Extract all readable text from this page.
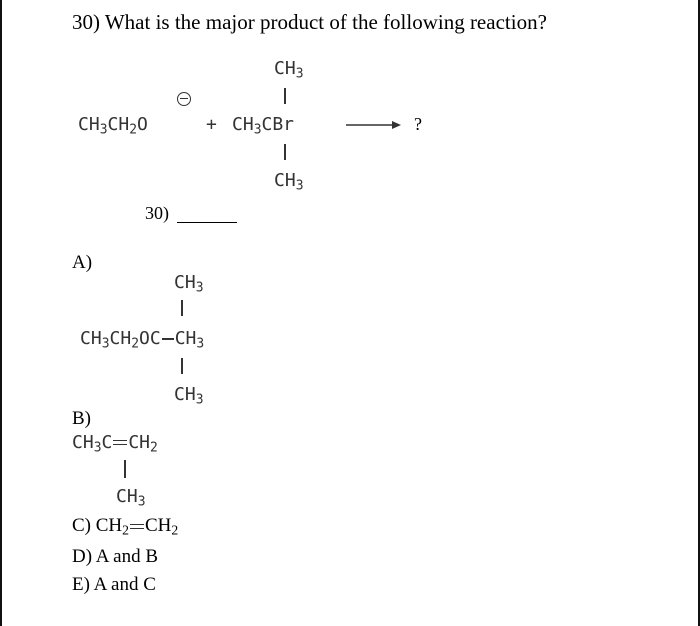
30) What is the major product of the following reaction?
$CH_3$
$CH_3CH_2O$	+ $CH_3CBr$
$CH_3$
→ ?
30)
A)
$CH_3$
$CH_3CH_2OC$ $CH_3$
$CH_3$
B)
$CH_3C$ $CH_2$
$CH_3$
C) $CH_2$ $CH_2$
D) A and B
E) A and C
